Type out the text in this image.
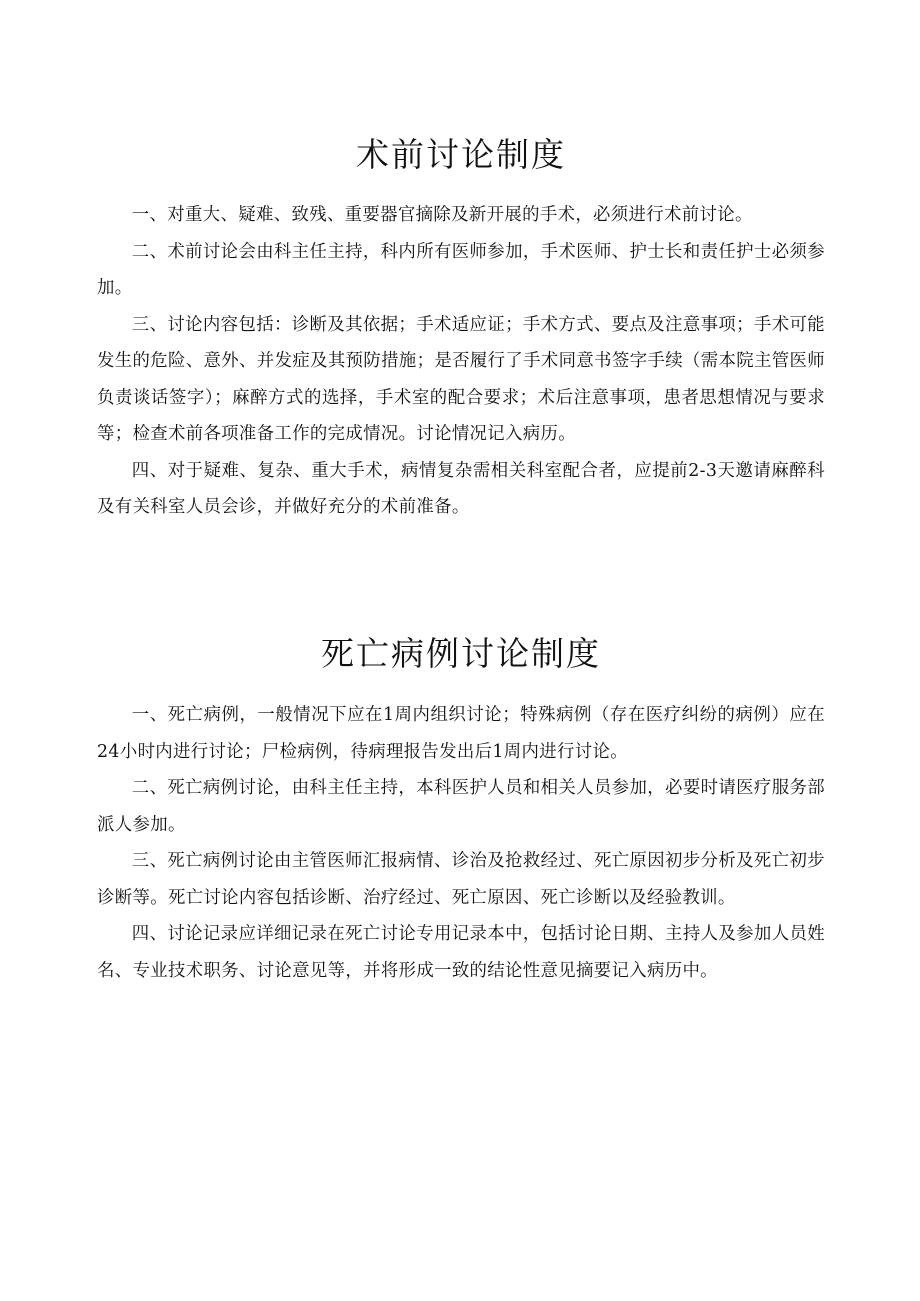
术前讨论制度

一、对重大、疑难、致残、重要器官摘除及新开展的手术，必须进行术前讨论。

二、术前讨论会由科主任主持，科内所有医师参加，手术医师、护士长和责任护士必须参加。

三、讨论内容包括：诊断及其依据；手术适应证；手术方式、要点及注意事项；手术可能发生的危险、意外、并发症及其预防措施；是否履行了手术同意书签字手续（需本院主管医师负责谈话签字）；麻醉方式的选择，手术室的配合要求；术后注意事项，患者思想情况与要求等；检查术前各项准备工作的完成情况。讨论情况记入病历。

四、对于疑难、复杂、重大手术，病情复杂需相关科室配合者，应提前2-3天邀请麻醉科及有关科室人员会诊，并做好充分的术前准备。

死亡病例讨论制度

一、死亡病例，一般情况下应在1周内组织讨论；特殊病例（存在医疗纠纷的病例）应在24小时内进行讨论；尸检病例，待病理报告发出后1周内进行讨论。

二、死亡病例讨论，由科主任主持，本科医护人员和相关人员参加，必要时请医疗服务部派人参加。

三、死亡病例讨论由主管医师汇报病情、诊治及抢救经过、死亡原因初步分析及死亡初步诊断等。死亡讨论内容包括诊断、治疗经过、死亡原因、死亡诊断以及经验教训。

四、讨论记录应详细记录在死亡讨论专用记录本中，包括讨论日期、主持人及参加人员姓名、专业技术职务、讨论意见等，并将形成一致的结论性意见摘要记入病历中。
